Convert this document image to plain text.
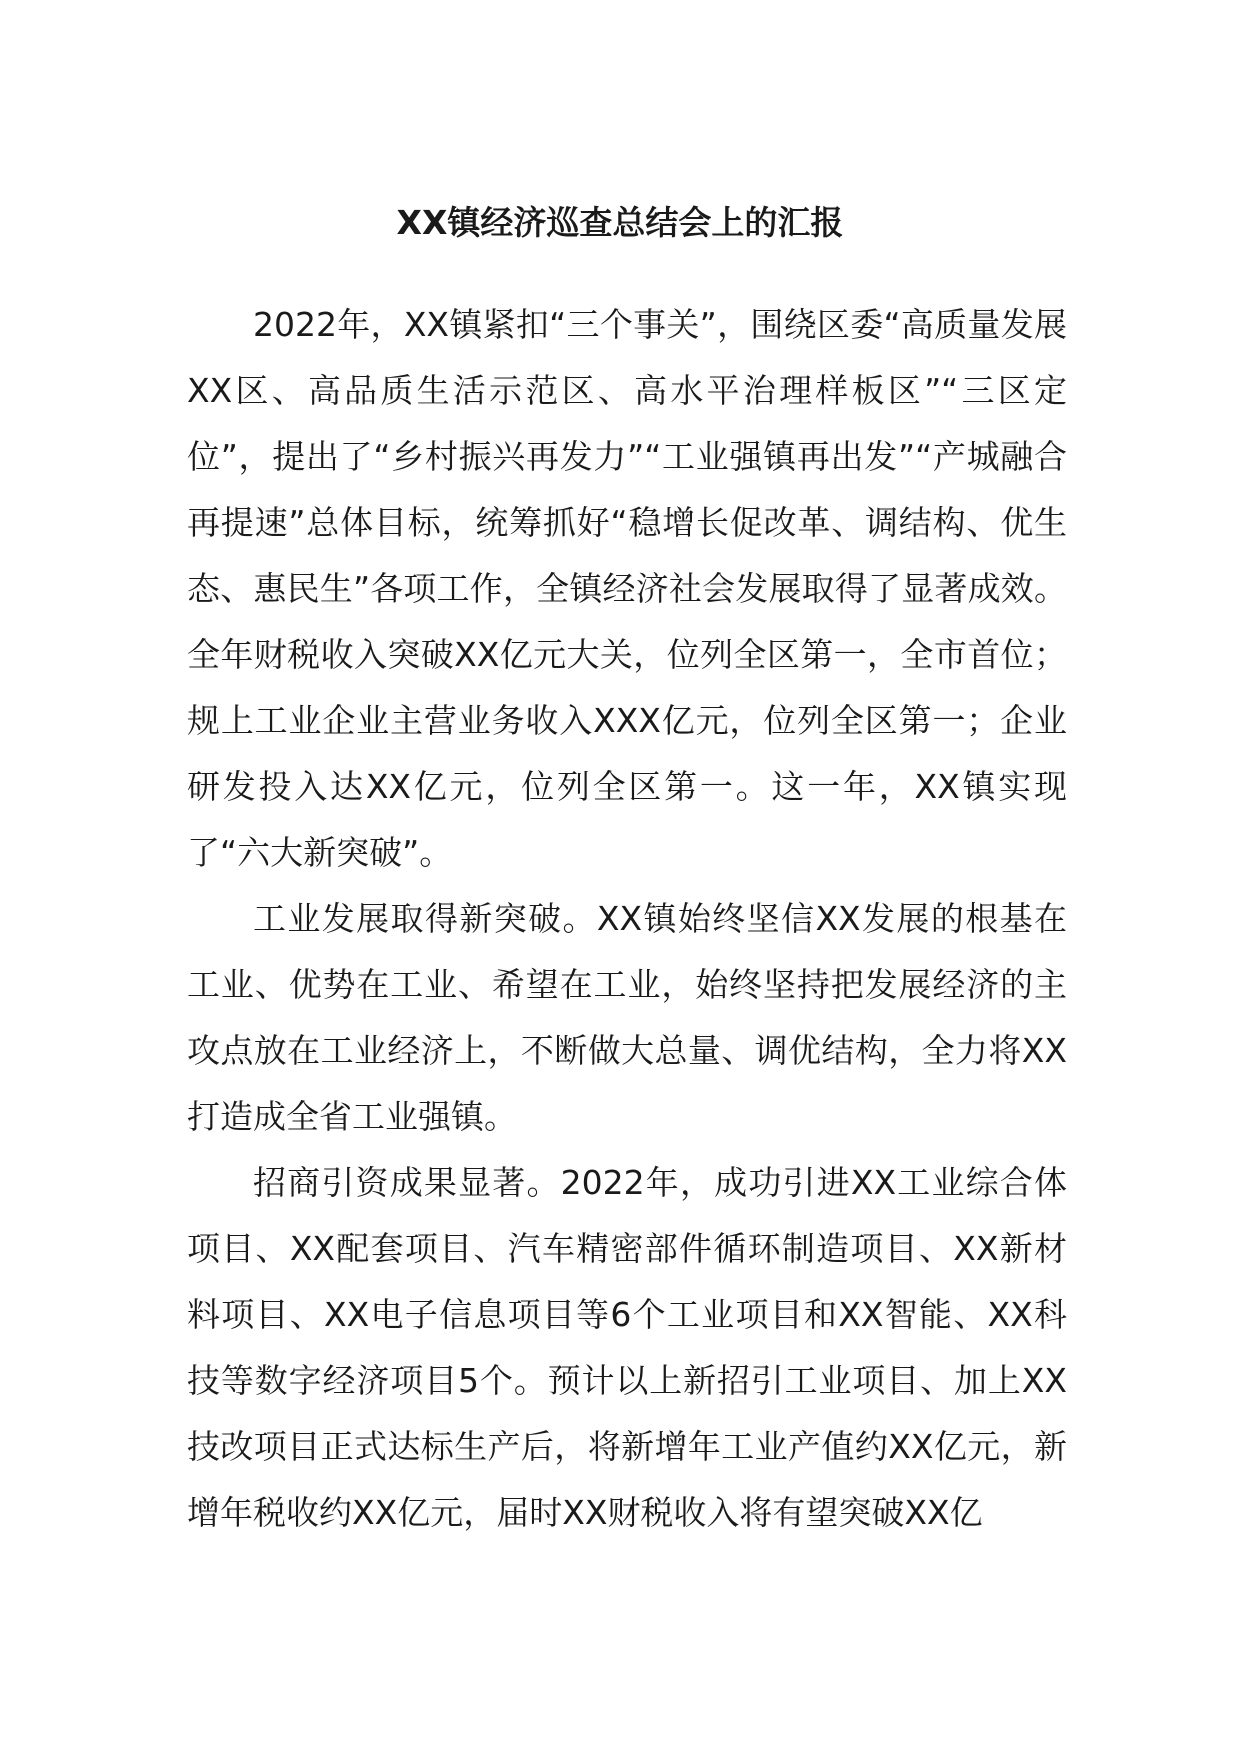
XX镇经济巡查总结会上的汇报

2022年，XX镇紧扣“三个事关”，围绕区委“高质量发展XX区、高品质生活示范区、高水平治理样板区”“三区定位”，提出了“乡村振兴再发力”“工业强镇再出发”“产城融合再提速”总体目标，统筹抓好“稳增长促改革、调结构、优生态、惠民生”各项工作，全镇经济社会发展取得了显著成效。全年财税收入突破XX亿元大关，位列全区第一，全市首位；规上工业企业主营业务收入XXX亿元，位列全区第一；企业研发投入达XX亿元，位列全区第一。这一年，XX镇实现了“六大新突破”。

工业发展取得新突破。XX镇始终坚信XX发展的根基在工业、优势在工业、希望在工业，始终坚持把发展经济的主攻点放在工业经济上，不断做大总量、调优结构，全力将XX打造成全省工业强镇。

招商引资成果显著。2022年，成功引进XX工业综合体项目、XX配套项目、汽车精密部件循环制造项目、XX新材料项目、XX电子信息项目等6个工业项目和XX智能、XX科技等数字经济项目5个。预计以上新招引工业项目、加上XX技改项目正式达标生产后，将新增年工业产值约XX亿元，新增年税收约XX亿元，届时XX财税收入将有望突破XX亿
